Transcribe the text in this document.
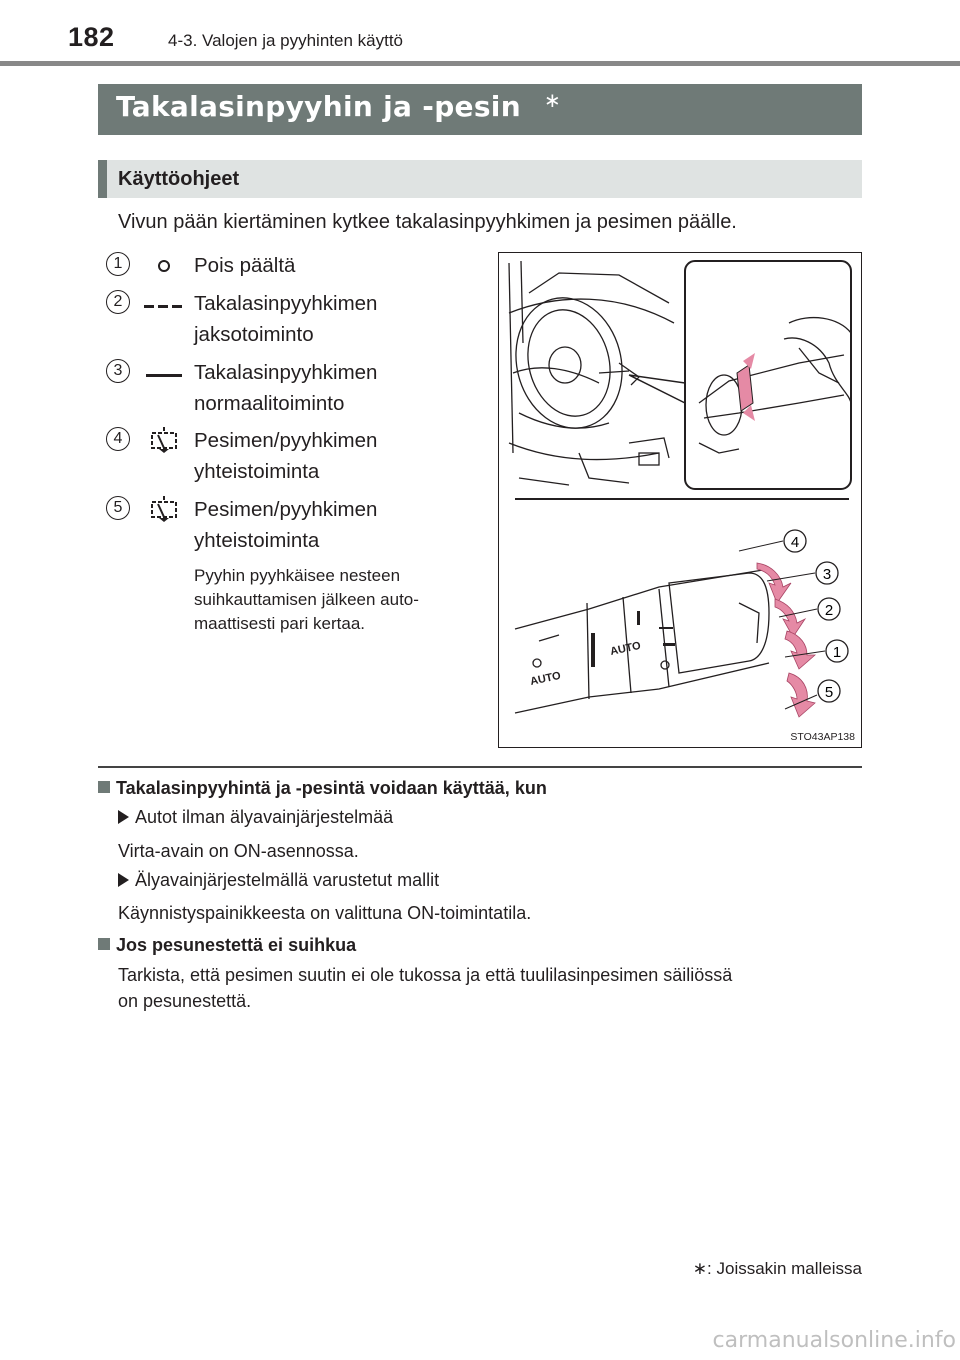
182	4-3. Valojen ja pyyhinten käyttö
Takalasinpyyhin ja -pesin ∗
Käyttöohjeet
Vivun pään kiertäminen kytkee takalasinpyyhkimen ja pesimen päälle.
1	Pois päältä
2	Takalasinpyyhkimen
jaksotoiminto
3	Takalasinpyyhkimen
normaalitoiminto
4	Pesimen/pyyhkimen
yhteistoiminta
5	Pesimen/pyyhkimen
yhteistoiminta
Pyyhin pyyhkäisee nesteen
suihkauttamisen jälkeen auto-
maattisesti pari kertaa.
AUTO
AUTO
4
3
2
1
5
STO43AP138
Takalasinpyyhintä ja -pesintä voidaan käyttää, kun
Autot ilman älyavainjärjestelmää
Virta-avain on ON-asennossa.
Älyavainjärjestelmällä varustetut mallit
Käynnistyspainikkeesta on valittuna ON-toimintatila.
Jos pesunestettä ei suihkua
Tarkista, että pesimen suutin ei ole tukossa ja että tuulilasinpesimen säiliössä
on pesunestettä.
∗: Joissakin malleissa
carmanualsonline.info
